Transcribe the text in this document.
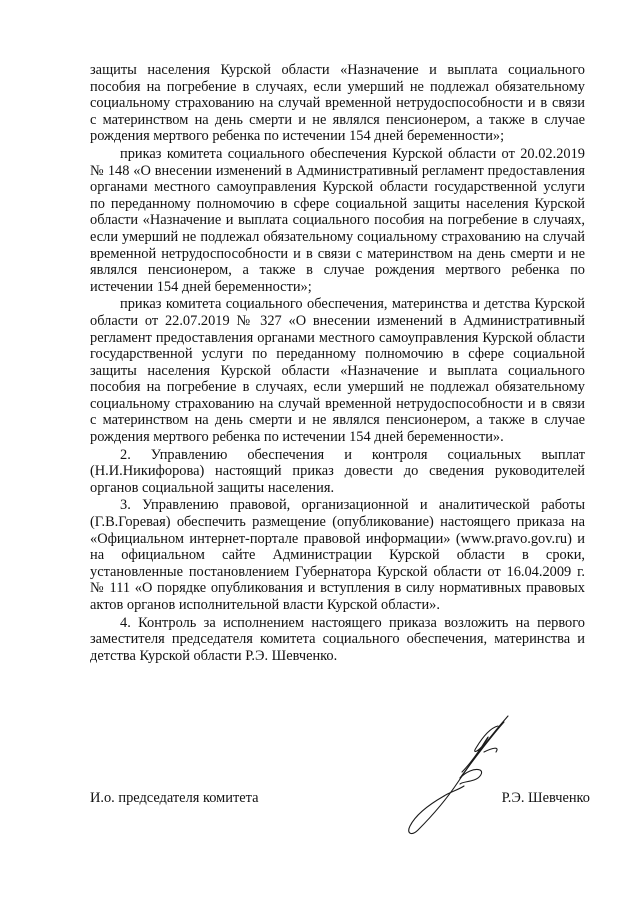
защиты населения Курской области «Назначение и выплата социального пособия на погребение в случаях, если умерший не подлежал обязательному социальному страхованию на случай временной нетрудоспособности и в связи с материнством на день смерти и не являлся пенсионером, а также в случае рождения мертвого ребенка по истечении 154 дней беременности»;

приказ комитета социального обеспечения Курской области от 20.02.2019 № 148 «О внесении изменений в Административный регламент предоставления органами местного самоуправления Курской области государственной услуги по переданному полномочию в сфере социальной защиты населения Курской области «Назначение и выплата социального пособия на погребение в случаях, если умерший не подлежал обязательному социальному страхованию на случай временной нетрудоспособности и в связи с материнством на день смерти и не являлся пенсионером, а также в случае рождения мертвого ребенка по истечении 154 дней беременности»;

приказ комитета социального обеспечения, материнства и детства Курской области от 22.07.2019 № 327 «О внесении изменений в Административный регламент предоставления органами местного самоуправления Курской области государственной услуги по переданному полномочию в сфере социальной защиты населения Курской области «Назначение и выплата социального пособия на погребение в случаях, если умерший не подлежал обязательному социальному страхованию на случай временной нетрудоспособности и в связи с материнством на день смерти и не являлся пенсионером, а также в случае рождения мертвого ребенка по истечении 154 дней беременности».

2. Управлению обеспечения и контроля социальных выплат (Н.И.Никифорова) настоящий приказ довести до сведения руководителей органов социальной защиты населения.

3. Управлению правовой, организационной и аналитической работы (Г.В.Горевая) обеспечить размещение (опубликование) настоящего приказа на «Официальном интернет-портале правовой информации» (www.pravo.gov.ru) и на официальном сайте Администрации Курской области в сроки, установленные постановлением Губернатора Курской области от 16.04.2009 г. № 111 «О порядке опубликования и вступления в силу нормативных правовых актов органов исполнительной власти Курской области».

4. Контроль за исполнением настоящего приказа возложить на первого заместителя председателя комитета социального обеспечения, материнства и детства Курской области Р.Э. Шевченко.

И.о. председателя комитета	Р.Э. Шевченко
